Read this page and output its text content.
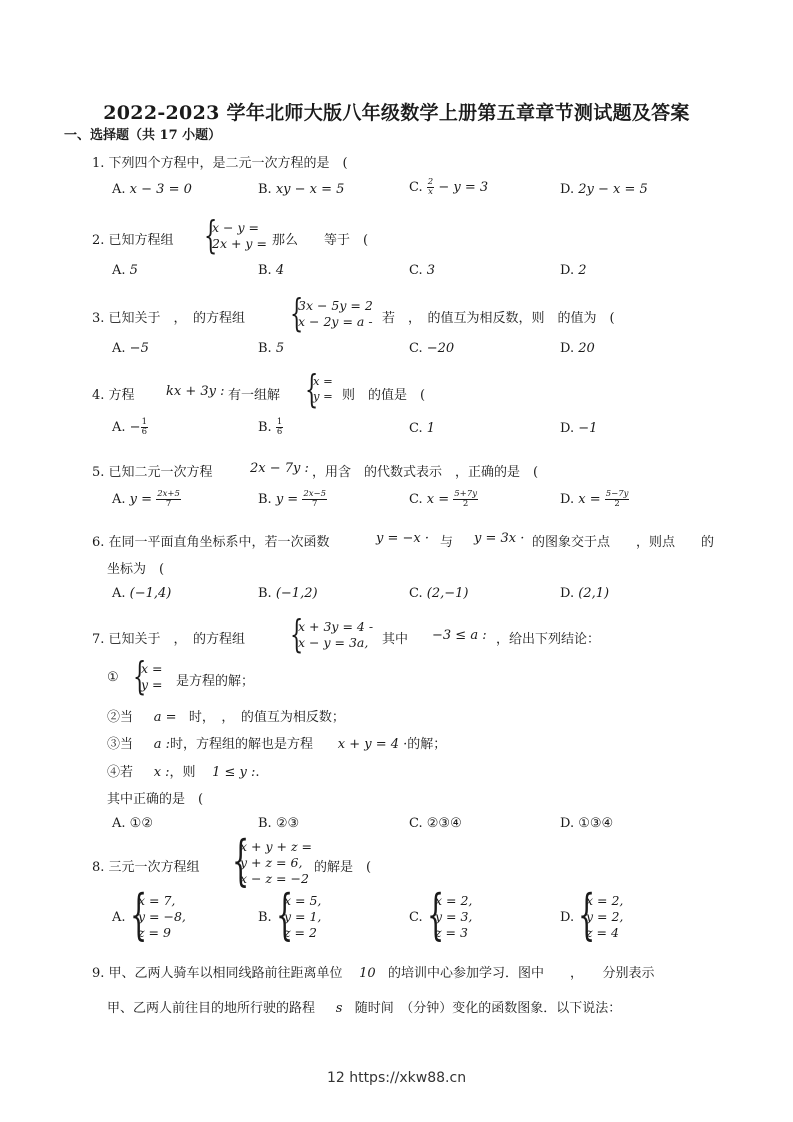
2022-2023 学年北师大版八年级数学上册第五章章节测试题及答案
一、选择题（共 17 小题）
1. 下列四个方程中，是二元一次方程的是　(
A. x − 3 = 0	B. xy − x = 5	C. $\frac{2}{x} - y = 3$	D. 2y − x = 5
2. 已知方程组 {
x − y =
2x + y = 那么　　等于　(
A. 5	B. 4	C. 3	D. 2
3. 已知关于　，　的方程组 {
3x − 5y = 2
x − 2y = a - 若　，　的值互为相反数，则　的值为　(
A. −5	B. 5	C. −20	D. 20
4. 方程 kx + 3y : 有一组解 {
x =
y = 则　的值是　(
A. − $\frac{1}{6}$	B. $\frac{1}{6}$	C. 1	D. −1
5. 已知二元一次方程	2x − 7y : ，用含　的代数式表示　，正确的是　(
A. $y = \frac{2x+5}{7}$	B. $y = \frac{2x-5}{7}$	C. $x = \frac{5+7y}{2}$	D. $x = \frac{5-7y}{2}$
6. 在同一平面直角坐标系中，若一次函数	y = −x · 与 y = 3x · 的图象交于点　　，则点　　的
坐标为　(
A. (−1,4)	B. (−1,2)	C. (2,−1)	D. (2,1)
7. 已知关于　，　的方程组 {
x + 3y = 4 -
x − y = 3a,	其中 −3 ≤ a : ，给出下列结论：
① {
x =
y = 是方程的解；
②当 a = 时，　，　的值互为相反数；
③当 a :时，方程组的解也是方程 x + y = 4 ·的解；
④若 x :，则 1 ≤ y :.
其中正确的是　(
A. ①②	B. ②③	C. ②③④	D. ①③④
8. 三元一次方程组 {
x + y + z =
y + z = 6,
x − z = −2
的解是　(
A. {
x = 7,
y = −8,
z = 9
B. {
x = 5,
y = 1,
z = 2
C. {
x = 2,
y = 3,
z = 3
D. {
x = 2,
y = 2,
z = 4
9. 甲、乙两人骑车以相同线路前往距离单位 10 的培训中心参加学习．图中　　，　　分别表示
甲、乙两人前往目的地所行驶的路程 s 随时间　（分钟）变化的函数图象．以下说法：
12 https://xkw88.cn
